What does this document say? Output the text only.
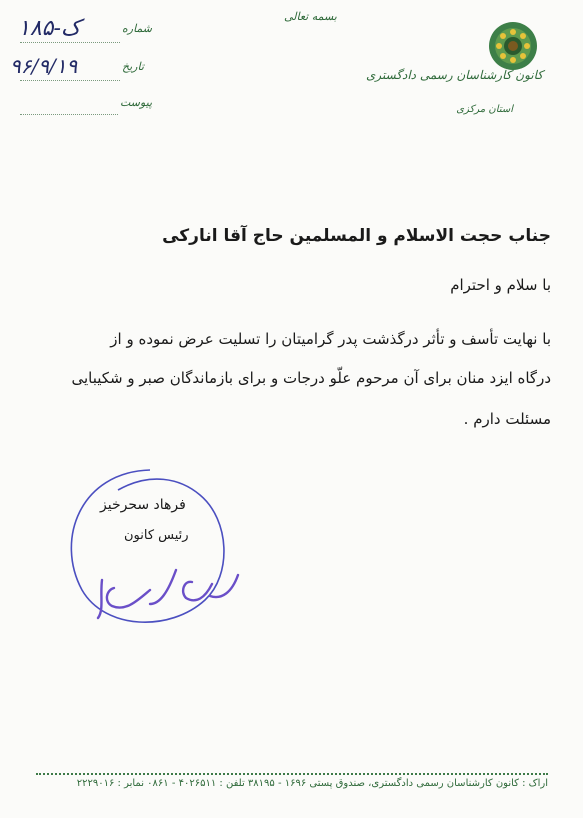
بسمه تعالی
کانون کارشناسان رسمی دادگستری
استان مرکزی
شماره
۱۸۵-ک
تاریخ
۹۶/۹/۱۹
پیوست
جناب حجت الاسلام و المسلمین حاج آقا انارکی
با سلام و احترام
با نهایت تأسف و تأثر درگذشت پدر گرامیتان را تسلیت عرض نموده و از
درگاه ایزد منان برای آن مرحوم علّو درجات و برای بازماندگان صبر و شکیبایی
مسئلت دارم .
فرهاد سحرخیز
رئیس کانون
اراک : کانون کارشناسان رسمی دادگستری، صندوق پستی ۱۶۹۶ - ۳۸۱۹۵ تلفن : ۴۰۲۶۵۱۱ - ۰۸۶۱ نمابر : ۲۲۲۹۰۱۶
